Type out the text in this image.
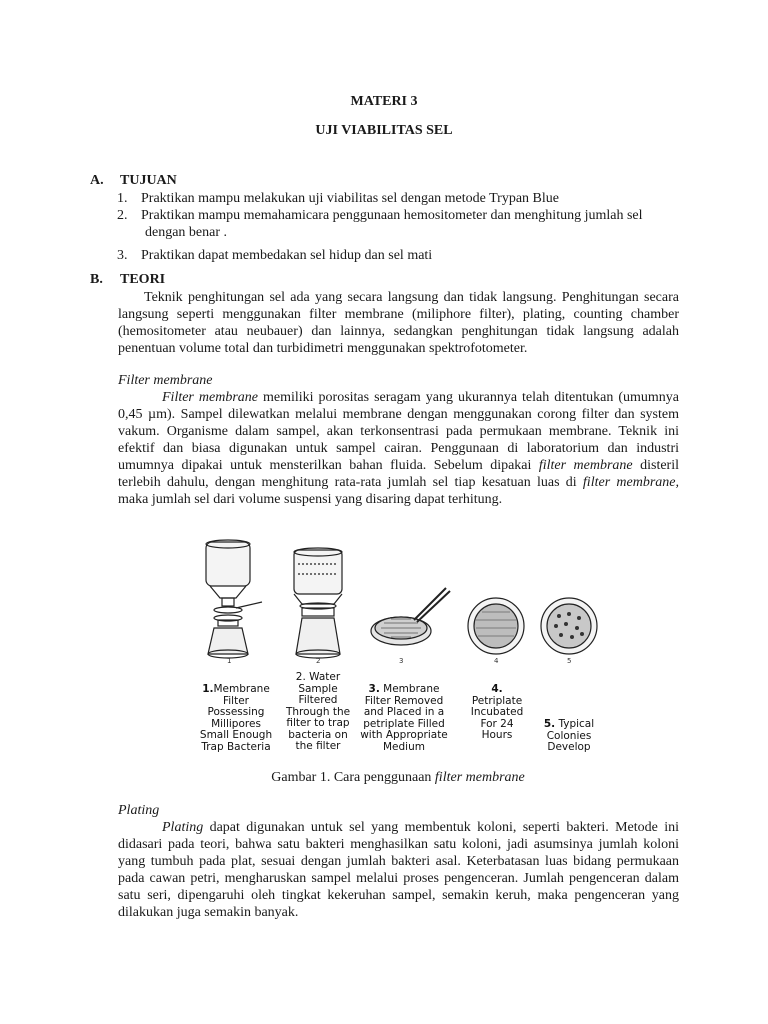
MATERI 3
UJI VIABILITAS SEL
A. TUJUAN
1. Praktikan mampu melakukan uji viabilitas sel dengan metode Trypan Blue
2. Praktikan mampu memahamicara penggunaan hemositometer dan menghitung jumlah sel
dengan benar .
3. Praktikan dapat membedakan sel hidup dan sel mati
B. TEORI
Teknik penghitungan sel ada yang secara langsung dan tidak langsung. Penghitungan secara langsung seperti menggunakan filter membrane (miliphore filter), plating, counting chamber (hemositometer atau neubauer) dan lainnya, sedangkan penghitungan tidak langsung adalah penentuan volume total dan turbidimetri menggunakan spektrofotometer.
Filter membrane
Filter membrane memiliki porositas seragam yang ukurannya telah ditentukan (umumnya 0,45 µm). Sampel dilewatkan melalui membrane dengan menggunakan corong filter dan system vakum. Organisme dalam sampel, akan terkonsentrasi pada permukaan membrane. Teknik ini efektif dan biasa digunakan untuk sampel cairan. Penggunaan di laboratorium dan industri umumnya dipakai untuk mensterilkan bahan fluida. Sebelum dipakai filter membrane disteril terlebih dahulu, dengan menghitung rata-rata jumlah sel tiap kesatuan luas di filter membrane, maka jumlah sel dari volume suspensi yang disaring dapat terhitung.
1	2	3	4	5
1.Membrane
Filter
Possessing
Millipores
Small Enough
Trap Bacteria
2. Water
Sample
Filtered
Through the
filter to trap
bacteria on
the filter
3. Membrane
Filter Removed
and Placed in a
petriplate Filled
with Appropriate
Medium
4.
Petriplate
Incubated
For 24
Hours
5. Typical
Colonies
Develop
Gambar 1. Cara penggunaan filter membrane
Plating
Plating dapat digunakan untuk sel yang membentuk koloni, seperti bakteri. Metode ini didasari pada teori, bahwa satu bakteri menghasilkan satu koloni, jadi asumsinya jumlah koloni yang tumbuh pada plat, sesuai dengan jumlah bakteri asal. Keterbatasan luas bidang permukaan pada cawan petri, mengharuskan sampel melalui proses pengenceran. Jumlah pengenceran dalam satu seri, dipengaruhi oleh tingkat kekeruhan sampel, semakin keruh, maka pengenceran yang dilakukan juga semakin banyak.
